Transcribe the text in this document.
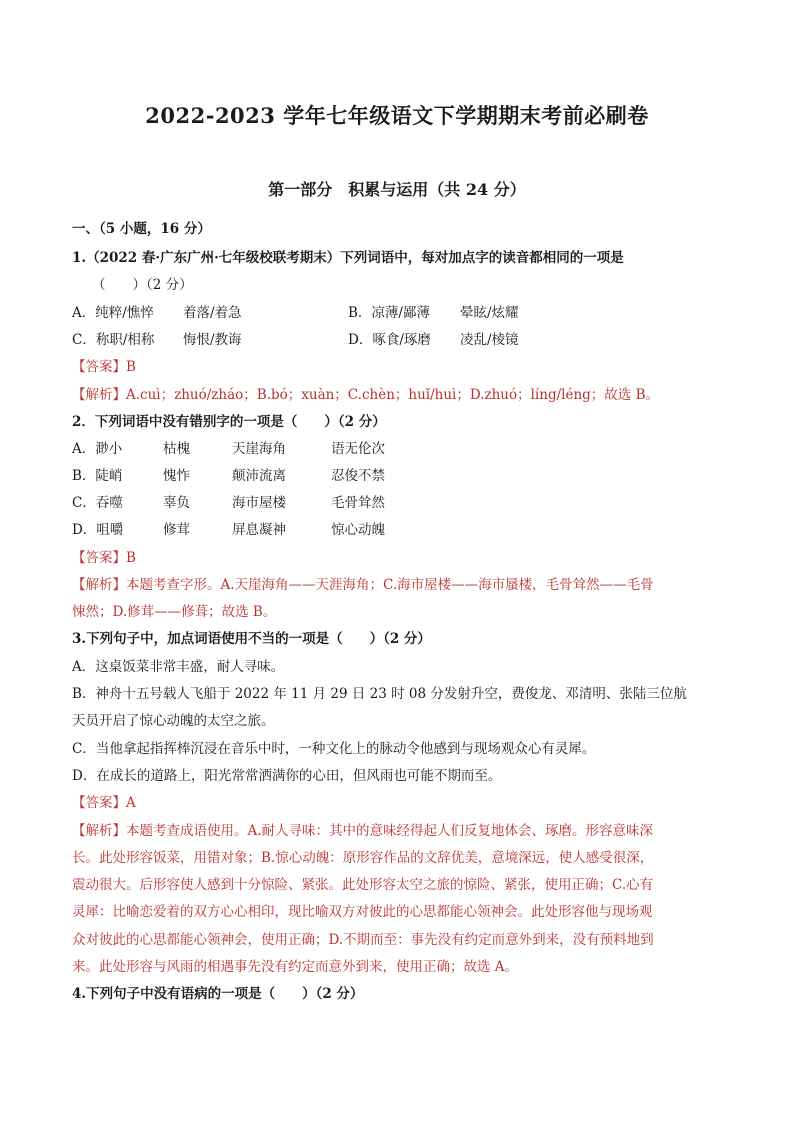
2022-2023 学年七年级语文下学期期末考前必刷卷
第一部分　积累与运用（共 24 分）
一、（5 小题，16 分）
1.（2022 春·广东广州·七年级校联考期末）下列词语中，每对加点字的读音都相同的一项是
（　　）（2 分）
A．纯粹/憔悴 着落/着急	B．凉薄/鄙薄 晕眩/炫耀
C．称职/相称 悔恨/教诲	D．啄食/琢磨 凌乱/棱镜
【答案】B
【解析】A.cuì；zhuó/zháo；B.bó；xuàn；C.chèn；huǐ/huì；D.zhuó；líng/léng；故选 B。
2．下列词语中没有错别字的一项是（　　）（2 分）
A．渺小	枯槐	天崖海角	语无伦次
B．陡峭	愧怍	颠沛流离	忍俊不禁
C．吞噬	辜负	海市屋楼	毛骨耸然
D．咀嚼	修茸	屏息凝神	惊心动魄
【答案】B
【解析】本题考查字形。A.天崖海角——天涯海角；C.海市屋楼——海市蜃楼，毛骨耸然——毛骨
悚然；D.修茸——修葺；故选 B。
3.下列句子中，加点词语使用不当的一项是（　　）（2 分）
A．这桌饭菜非常丰盛，耐人寻味。
B．神舟十五号载人飞船于 2022 年 11 月 29 日 23 时 08 分发射升空，费俊龙、邓清明、张陆三位航
天员开启了惊心动魄的太空之旅。
C．当他拿起指挥棒沉浸在音乐中时，一种文化上的脉动令他感到与现场观众心有灵犀。
D．在成长的道路上，阳光常常洒满你的心田，但风雨也可能不期而至。
【答案】A
【解析】本题考查成语使用。A.耐人寻味：其中的意味经得起人们反复地体会、琢磨。形容意味深
长。此处形容饭菜，用错对象；B.惊心动魄：原形容作品的文辞优美，意境深远，使人感受很深，
震动很大。后形容使人感到十分惊险、紧张。此处形容太空之旅的惊险、紧张，使用正确；C.心有
灵犀：比喻恋爱着的双方心心相印，现比喻双方对彼此的心思都能心领神会。此处形容他与现场观
众对彼此的心思都能心领神会，使用正确；D.不期而至：事先没有约定而意外到来，没有预料地到
来。此处形容与风雨的相遇事先没有约定而意外到来，使用正确；故选 A。
4.下列句子中没有语病的一项是（　　）（2 分）
